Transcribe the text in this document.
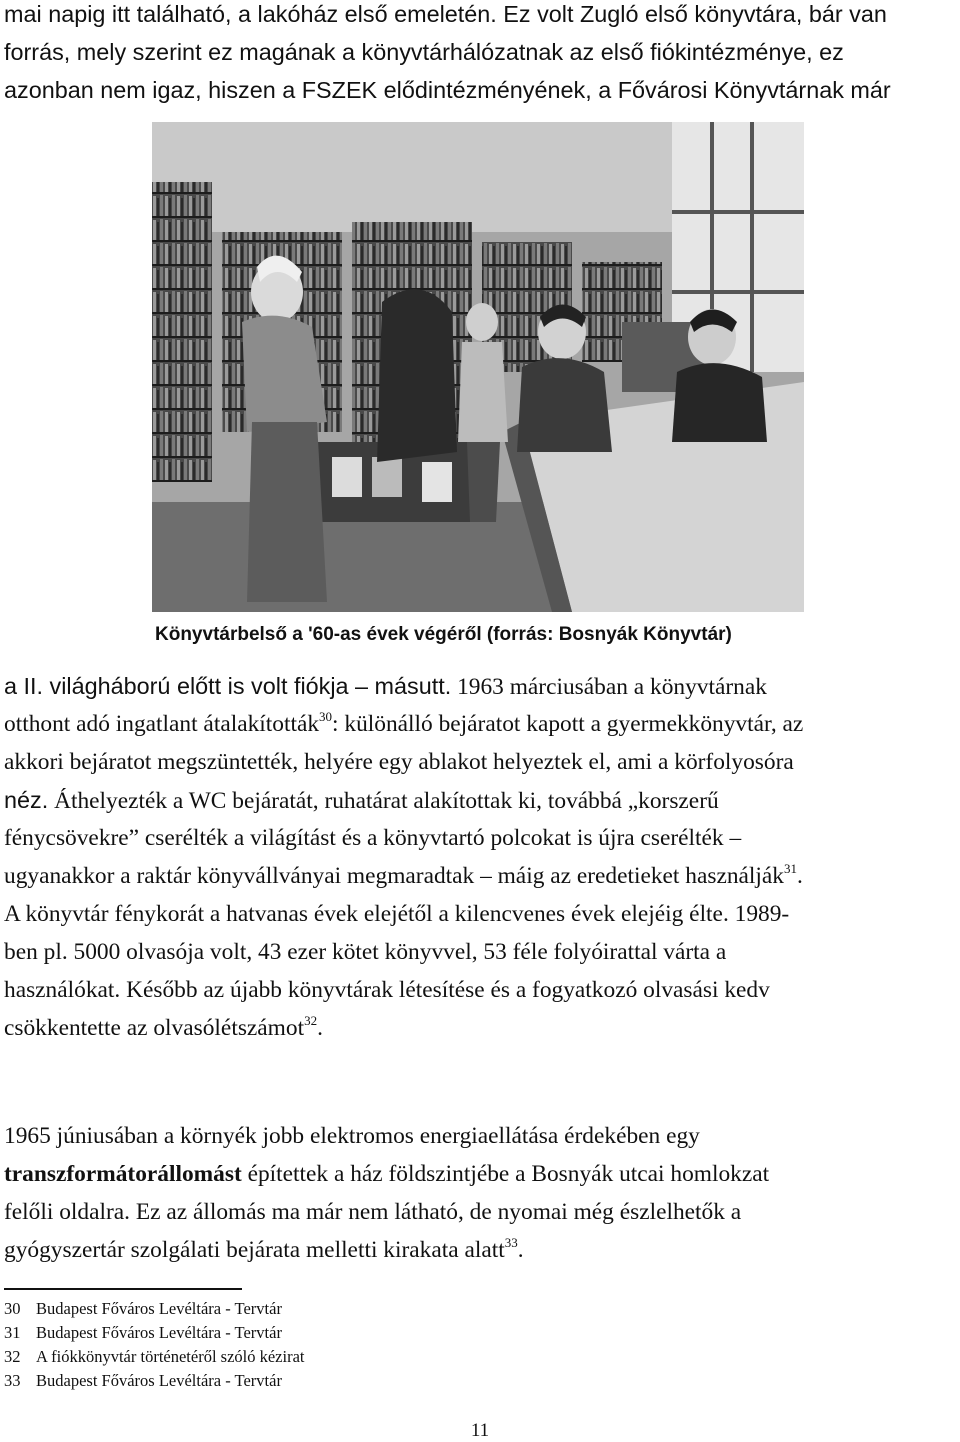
mai napig itt található, a lakóház első emeletén. Ez volt Zugló első könyvtára, bár van
forrás, mely szerint ez magának a könyvtárhálózatnak az első fiókintézménye, ez
azonban nem igaz, hiszen a FSZEK elődintézményének, a Fővárosi Könyvtárnak már
Könyvtárbelső a '60-as évek végéről (forrás: Bosnyák Könyvtár)
a II. világháború előtt is volt fiókja – másutt. 1963 márciusában a könyvtárnak
otthont adó ingatlant átalakították$^{30}$: különálló bejáratot kapott a gyermekkönyvtár, az
akkori bejáratot megszüntették, helyére egy ablakot helyeztek el, ami a körfolyosóra
néz. Áthelyezték a WC bejáratát, ruhatárat alakítottak ki, továbbá „korszerű
fénycsövekre” cserélték a világítást és a könyvtartó polcokat is újra cserélték –
ugyanakkor a raktár könyvállványai megmaradtak – máig az eredetieket használják$^{31}$.
A könyvtár fénykorát a hatvanas évek elejétől a kilencvenes évek elejéig élte. 1989-
ben pl. 5000 olvasója volt, 43 ezer kötet könyvvel, 53 féle folyóirattal várta a
használókat. Később az újabb könyvtárak létesítése és a fogyatkozó olvasási kedv
csökkentette az olvasólétszámot$^{32}$.
1965 júniusában a környék jobb elektromos energiaellátása érdekében egy
transzformátorállomást építettek a ház földszintjébe a Bosnyák utcai homlokzat
felőli oldalra. Ez az állomás ma már nem látható, de nyomai még észlelhetők a
gyógyszertár szolgálati bejárata melletti kirakata alatt$^{33}$.
30 Budapest Főváros Levéltára - Tervtár
31 Budapest Főváros Levéltára - Tervtár
32 A fiókkönyvtár történetéről szóló kézirat
33 Budapest Főváros Levéltára - Tervtár
11
